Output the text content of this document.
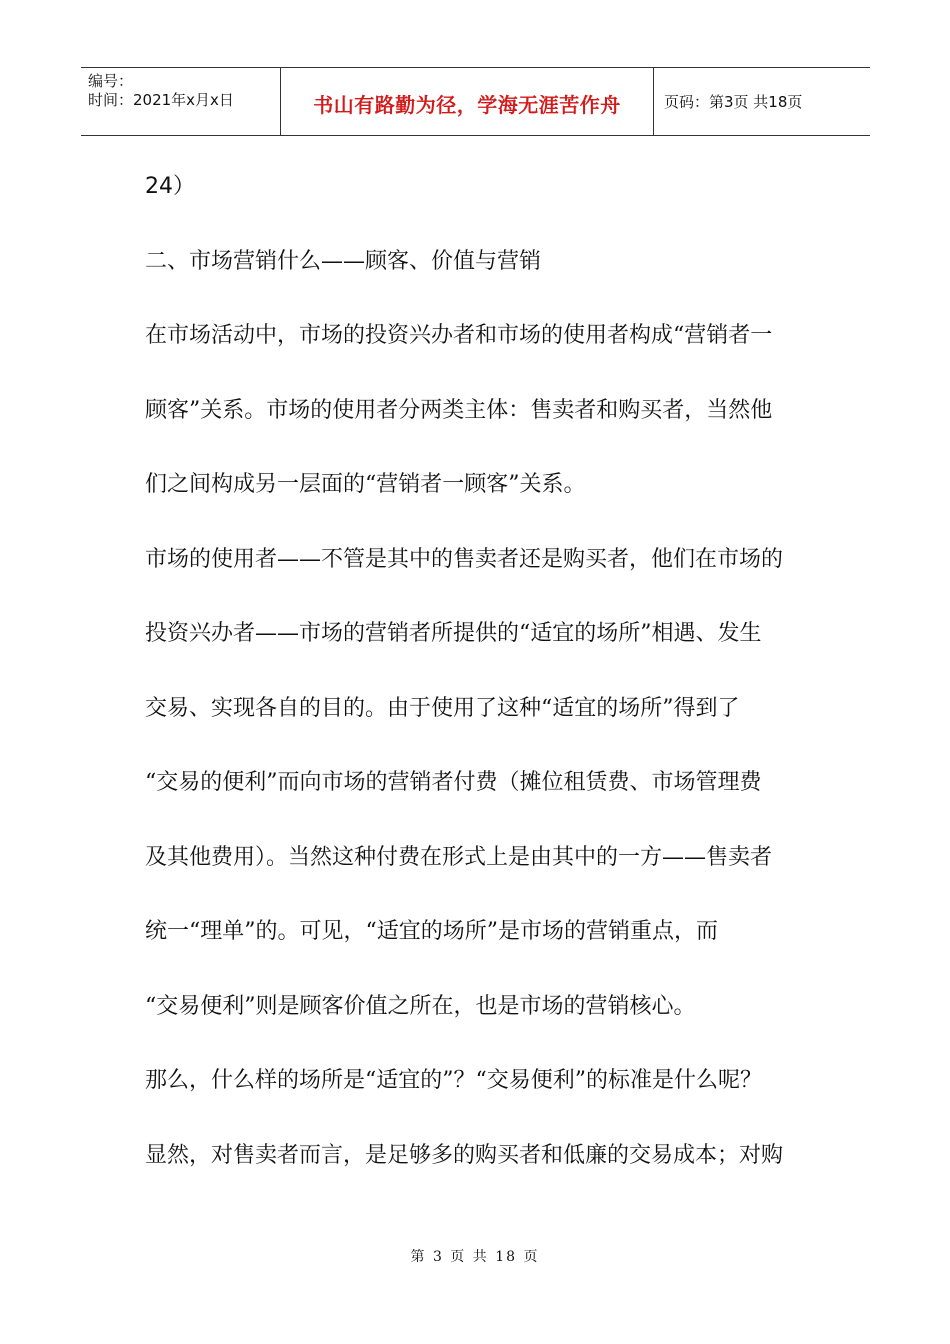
编号：
时间：2021年x月x日	书山有路勤为径，学海无涯苦作舟	页码：第3页 共18页
24）
二、市场营销什么——顾客、价值与营销
在市场活动中，市场的投资兴办者和市场的使用者构成“营销者一
顾客”关系。市场的使用者分两类主体：售卖者和购买者，当然他
们之间构成另一层面的“营销者一顾客”关系。
市场的使用者——不管是其中的售卖者还是购买者，他们在市场的
投资兴办者——市场的营销者所提供的“适宜的场所”相遇、发生
交易、实现各自的目的。由于使用了这种“适宜的场所”得到了
“交易的便利”而向市场的营销者付费（摊位租赁费、市场管理费
及其他费用）。当然这种付费在形式上是由其中的一方——售卖者
统一“理单”的。可见，“适宜的场所”是市场的营销重点，而
“交易便利”则是顾客价值之所在，也是市场的营销核心。
那么，什么样的场所是“适宜的”？“交易便利”的标准是什么呢？
显然，对售卖者而言，是足够多的购买者和低廉的交易成本；对购
第 3 页 共 18 页
